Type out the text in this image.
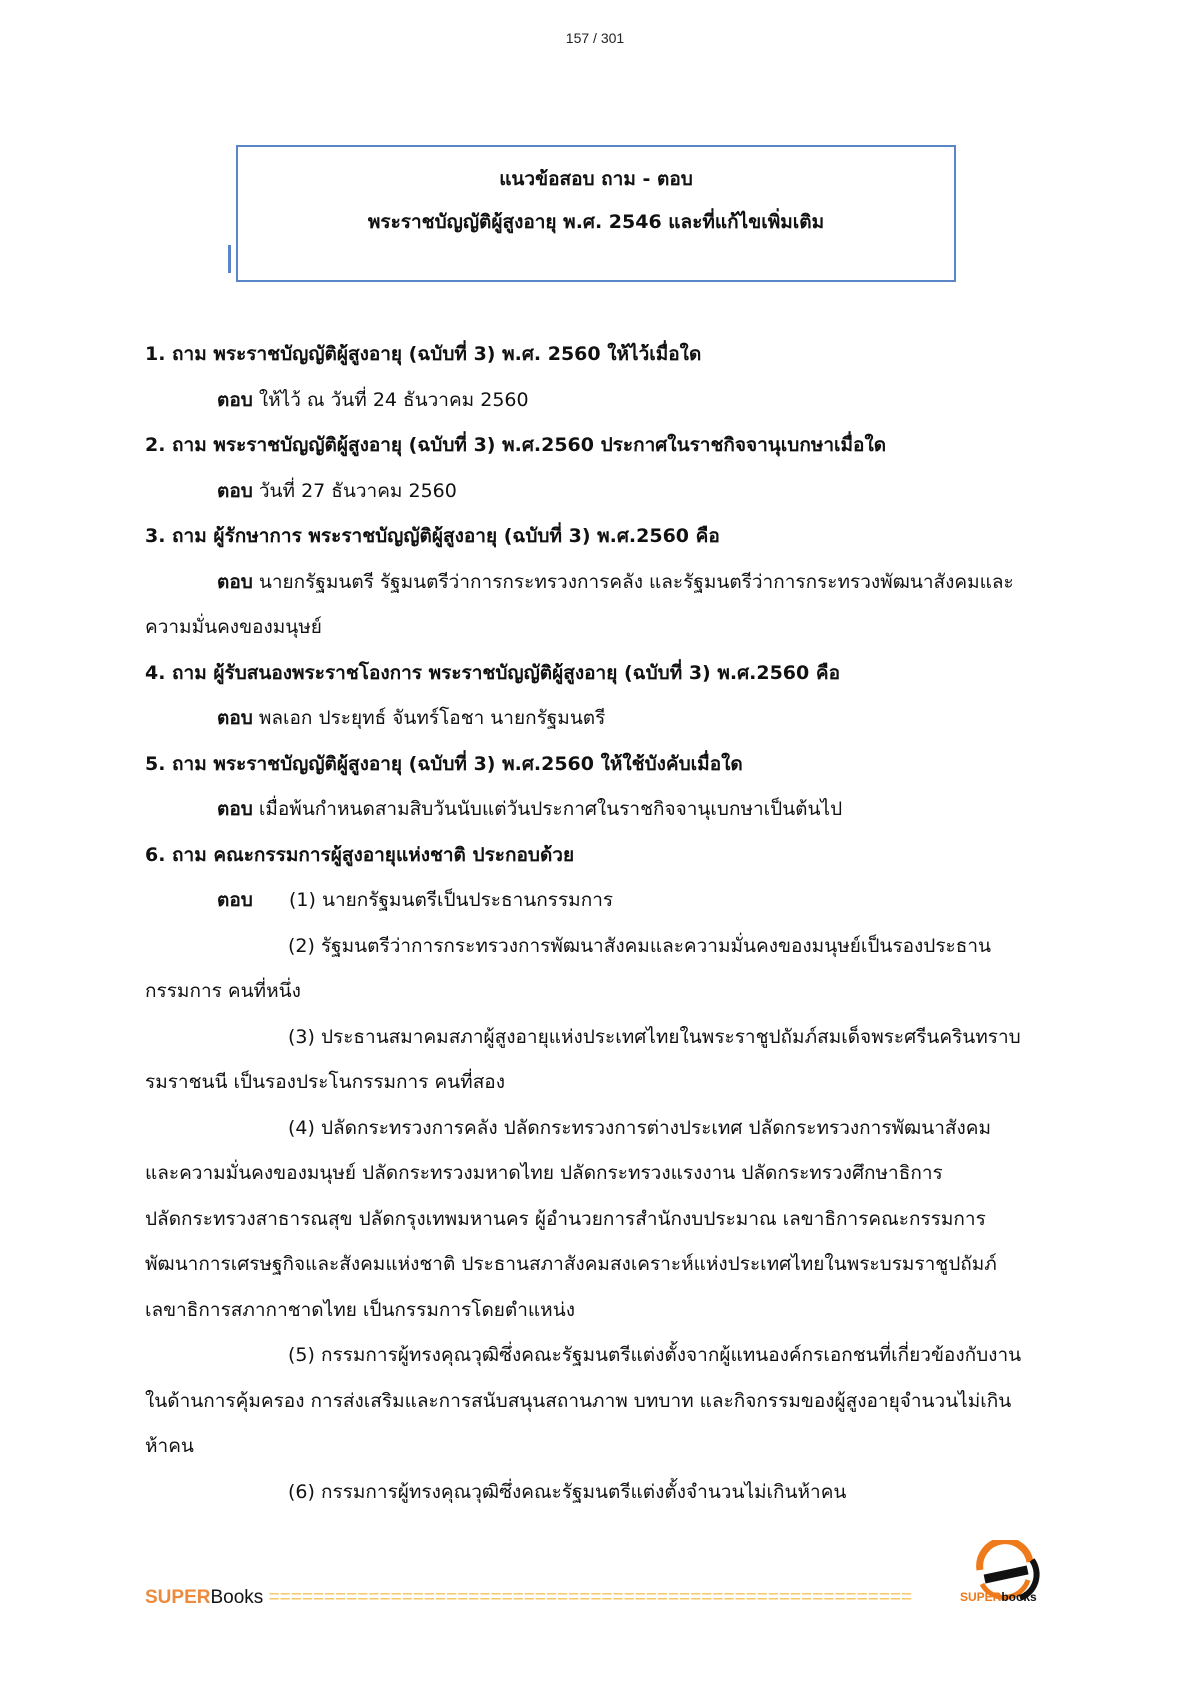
157 / 301
แนวข้อสอบ ถาม - ตอบ
พระราชบัญญัติผู้สูงอายุ พ.ศ. 2546 และที่แก้ไขเพิ่มเติม
1. ถาม พระราชบัญญัติผู้สูงอายุ (ฉบับที่ 3) พ.ศ. 2560 ให้ไว้เมื่อใด
ตอบ ให้ไว้ ณ วันที่ 24 ธันวาคม 2560
2. ถาม พระราชบัญญัติผู้สูงอายุ (ฉบับที่ 3) พ.ศ.2560 ประกาศในราชกิจจานุเบกษาเมื่อใด
ตอบ วันที่ 27 ธันวาคม 2560
3. ถาม ผู้รักษาการ พระราชบัญญัติผู้สูงอายุ (ฉบับที่ 3) พ.ศ.2560 คือ
ตอบ นายกรัฐมนตรี รัฐมนตรีว่าการกระทรวงการคลัง และรัฐมนตรีว่าการกระทรวงพัฒนาสังคมและ
ความมั่นคงของมนุษย์
4. ถาม ผู้รับสนองพระราชโองการ พระราชบัญญัติผู้สูงอายุ (ฉบับที่ 3) พ.ศ.2560 คือ
ตอบ พลเอก ประยุทธ์ จันทร์โอชา นายกรัฐมนตรี
5. ถาม พระราชบัญญัติผู้สูงอายุ (ฉบับที่ 3) พ.ศ.2560 ให้ใช้บังคับเมื่อใด
ตอบ เมื่อพ้นกำหนดสามสิบวันนับแต่วันประกาศในราชกิจจานุเบกษาเป็นต้นไป
6. ถาม คณะกรรมการผู้สูงอายุแห่งชาติ ประกอบด้วย
ตอบ (1) นายกรัฐมนตรีเป็นประธานกรรมการ
(2) รัฐมนตรีว่าการกระทรวงการพัฒนาสังคมและความมั่นคงของมนุษย์เป็นรองประธาน
กรรมการ คนที่หนึ่ง
(3) ประธานสมาคมสภาผู้สูงอายุแห่งประเทศไทยในพระราชูปถัมภ์สมเด็จพระศรีนครินทราบ
รมราชนนี เป็นรองประโนกรรมการ คนที่สอง
(4) ปลัดกระทรวงการคลัง ปลัดกระทรวงการต่างประเทศ ปลัดกระทรวงการพัฒนาสังคม
และความมั่นคงของมนุษย์ ปลัดกระทรวงมหาดไทย ปลัดกระทรวงแรงงาน ปลัดกระทรวงศึกษาธิการ
ปลัดกระทรวงสาธารณสุข ปลัดกรุงเทพมหานคร ผู้อำนวยการสำนักงบประมาณ เลขาธิการคณะกรรมการ
พัฒนาการเศรษฐกิจและสังคมแห่งชาติ ประธานสภาสังคมสงเคราะห์แห่งประเทศไทยในพระบรมราชูปถัมภ์
เลขาธิการสภากาชาดไทย เป็นกรรมการโดยตำแหน่ง
(5) กรรมการผู้ทรงคุณวุฒิซึ่งคณะรัฐมนตรีแต่งตั้งจากผู้แทนองค์กรเอกชนที่เกี่ยวข้องกับงาน
ในด้านการคุ้มครอง การส่งเสริมและการสนับสนุนสถานภาพ บทบาท และกิจกรรมของผู้สูงอายุจำนวนไม่เกิน
ห้าคน
(6) กรรมการผู้ทรงคุณวุฒิซึ่งคณะรัฐมนตรีแต่งตั้งจำนวนไม่เกินห้าคน
SUPERBooks ==========================================================	SUPERbooks
